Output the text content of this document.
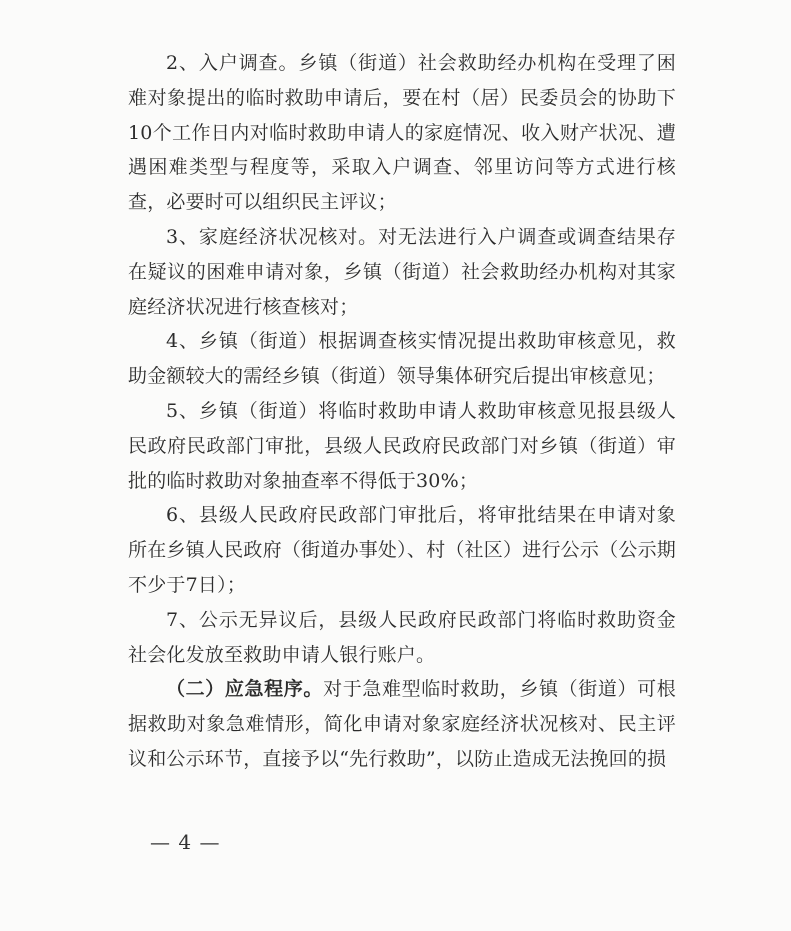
2、入户调查。乡镇（街道）社会救助经办机构在受理了困难对象提出的临时救助申请后，要在村（居）民委员会的协助下10个工作日内对临时救助申请人的家庭情况、收入财产状况、遭遇困难类型与程度等，采取入户调查、邻里访问等方式进行核查，必要时可以组织民主评议；

3、家庭经济状况核对。对无法进行入户调查或调查结果存在疑议的困难申请对象，乡镇（街道）社会救助经办机构对其家庭经济状况进行核查核对；

4、乡镇（街道）根据调查核实情况提出救助审核意见，救助金额较大的需经乡镇（街道）领导集体研究后提出审核意见；

5、乡镇（街道）将临时救助申请人救助审核意见报县级人民政府民政部门审批，县级人民政府民政部门对乡镇（街道）审批的临时救助对象抽查率不得低于30%；

6、县级人民政府民政部门审批后，将审批结果在申请对象所在乡镇人民政府（街道办事处）、村（社区）进行公示（公示期不少于7日）；

7、公示无异议后，县级人民政府民政部门将临时救助资金社会化发放至救助申请人银行账户。

（二）应急程序。对于急难型临时救助，乡镇（街道）可根据救助对象急难情形，简化申请对象家庭经济状况核对、民主评议和公示环节，直接予以“先行救助”，以防止造成无法挽回的损

— 4 —
